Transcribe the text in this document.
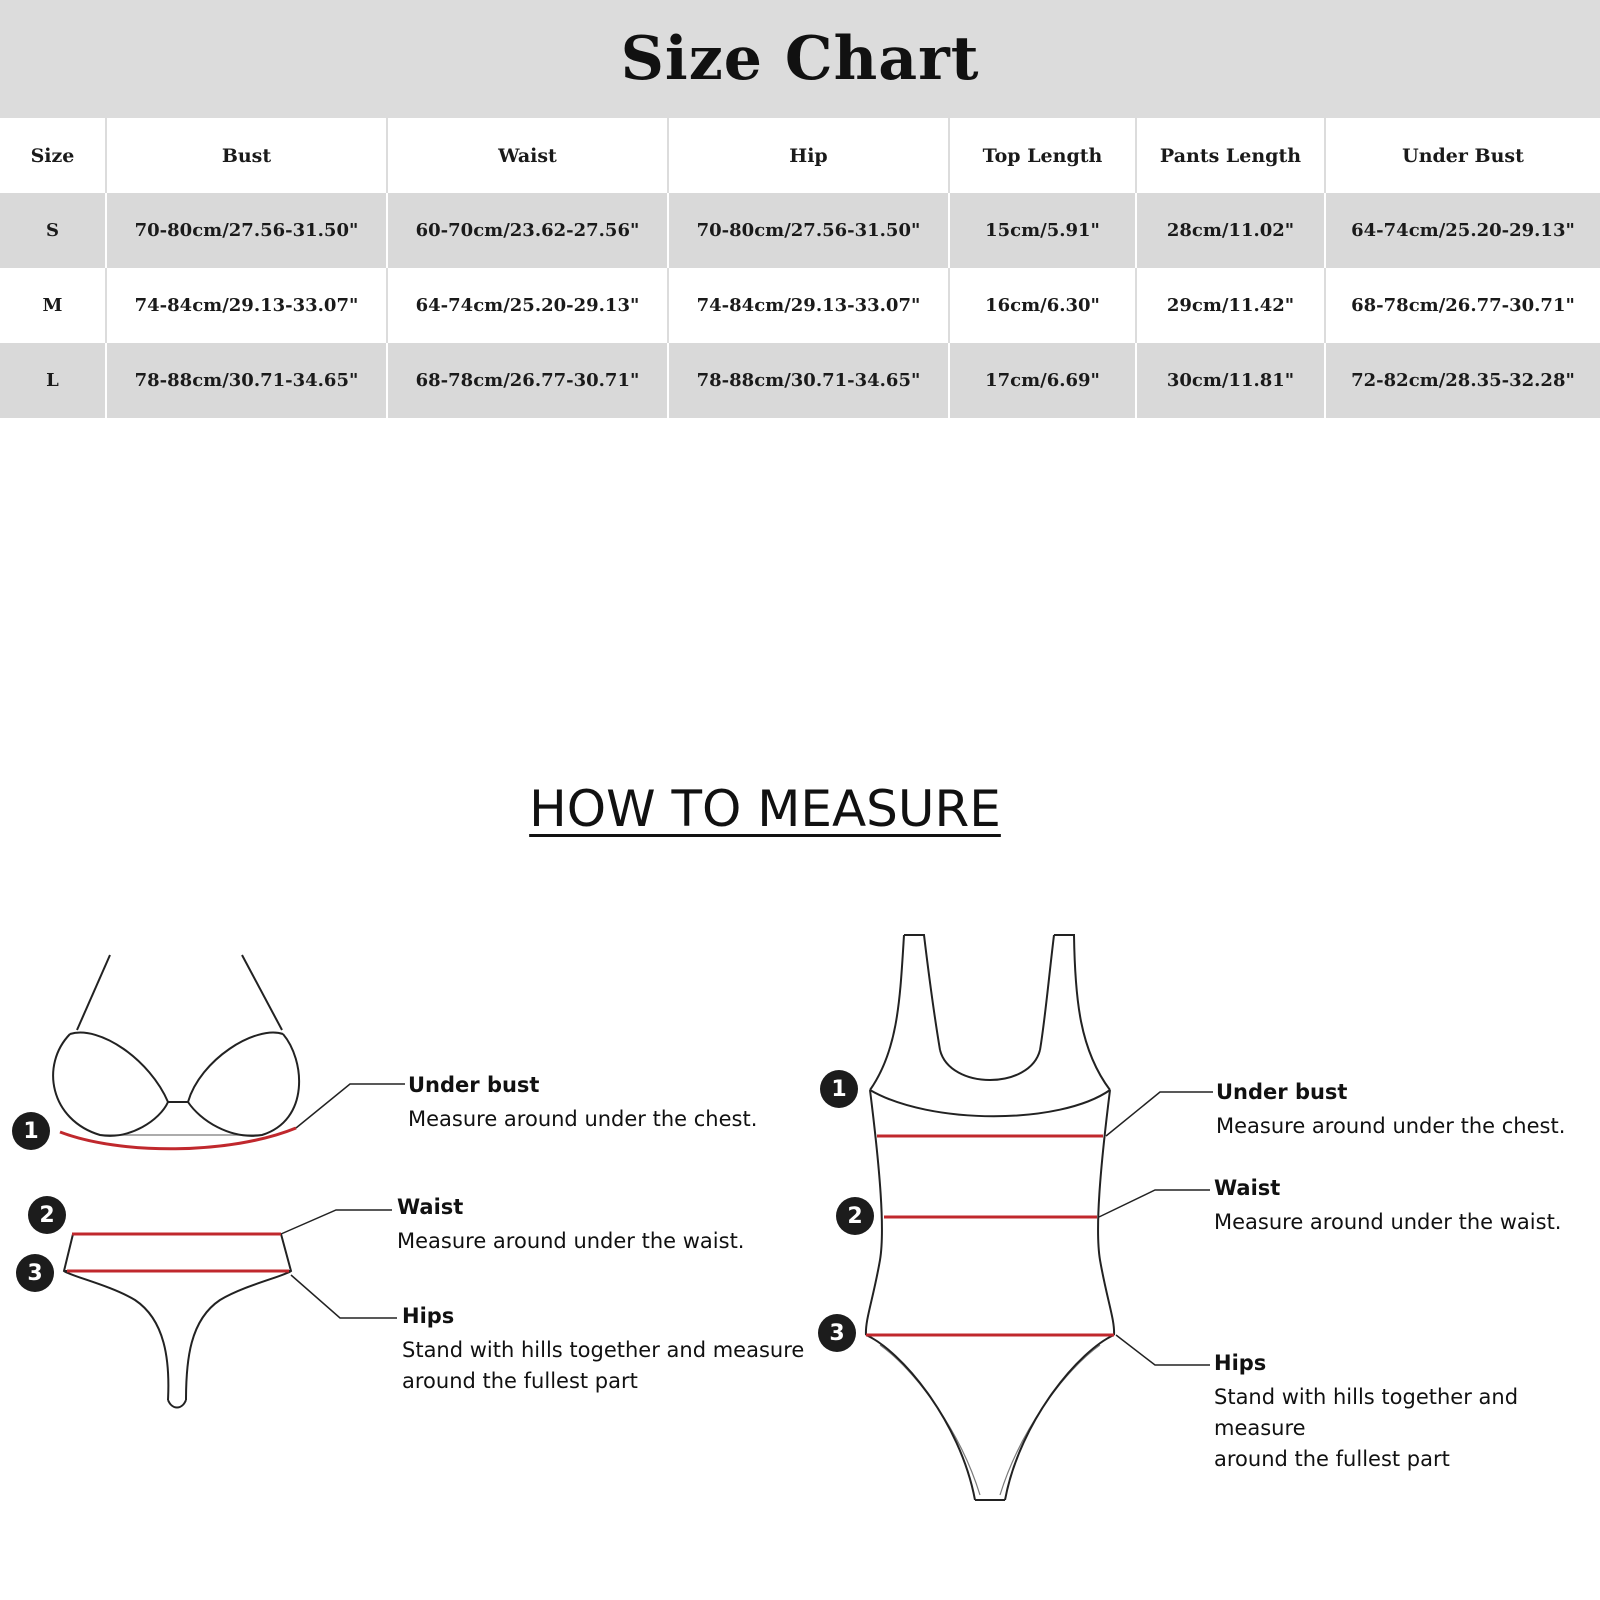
Size Chart
Size	Bust	Waist	Hip	Top Length	Pants Length	Under Bust
S	70-80cm/27.56-31.50"	60-70cm/23.62-27.56"	70-80cm/27.56-31.50"	15cm/5.91"	28cm/11.02"	64-74cm/25.20-29.13"
M	74-84cm/29.13-33.07"	64-74cm/25.20-29.13"	74-84cm/29.13-33.07"	16cm/6.30"	29cm/11.42"	68-78cm/26.77-30.71"
L	78-88cm/30.71-34.65"	68-78cm/26.77-30.71"	78-88cm/30.71-34.65"	17cm/6.69"	30cm/11.81"	72-82cm/28.35-32.28"
HOW TO MEASURE
1
2
3
1
2
3
Under bust
Measure around under the chest.
Waist
Measure around under the waist.
Hips
Stand with hills together and measure
around the fullest part
Under bust
Measure around under the chest.
Waist
Measure around under the waist.
Hips
Stand with hills together and measure
around the fullest part
